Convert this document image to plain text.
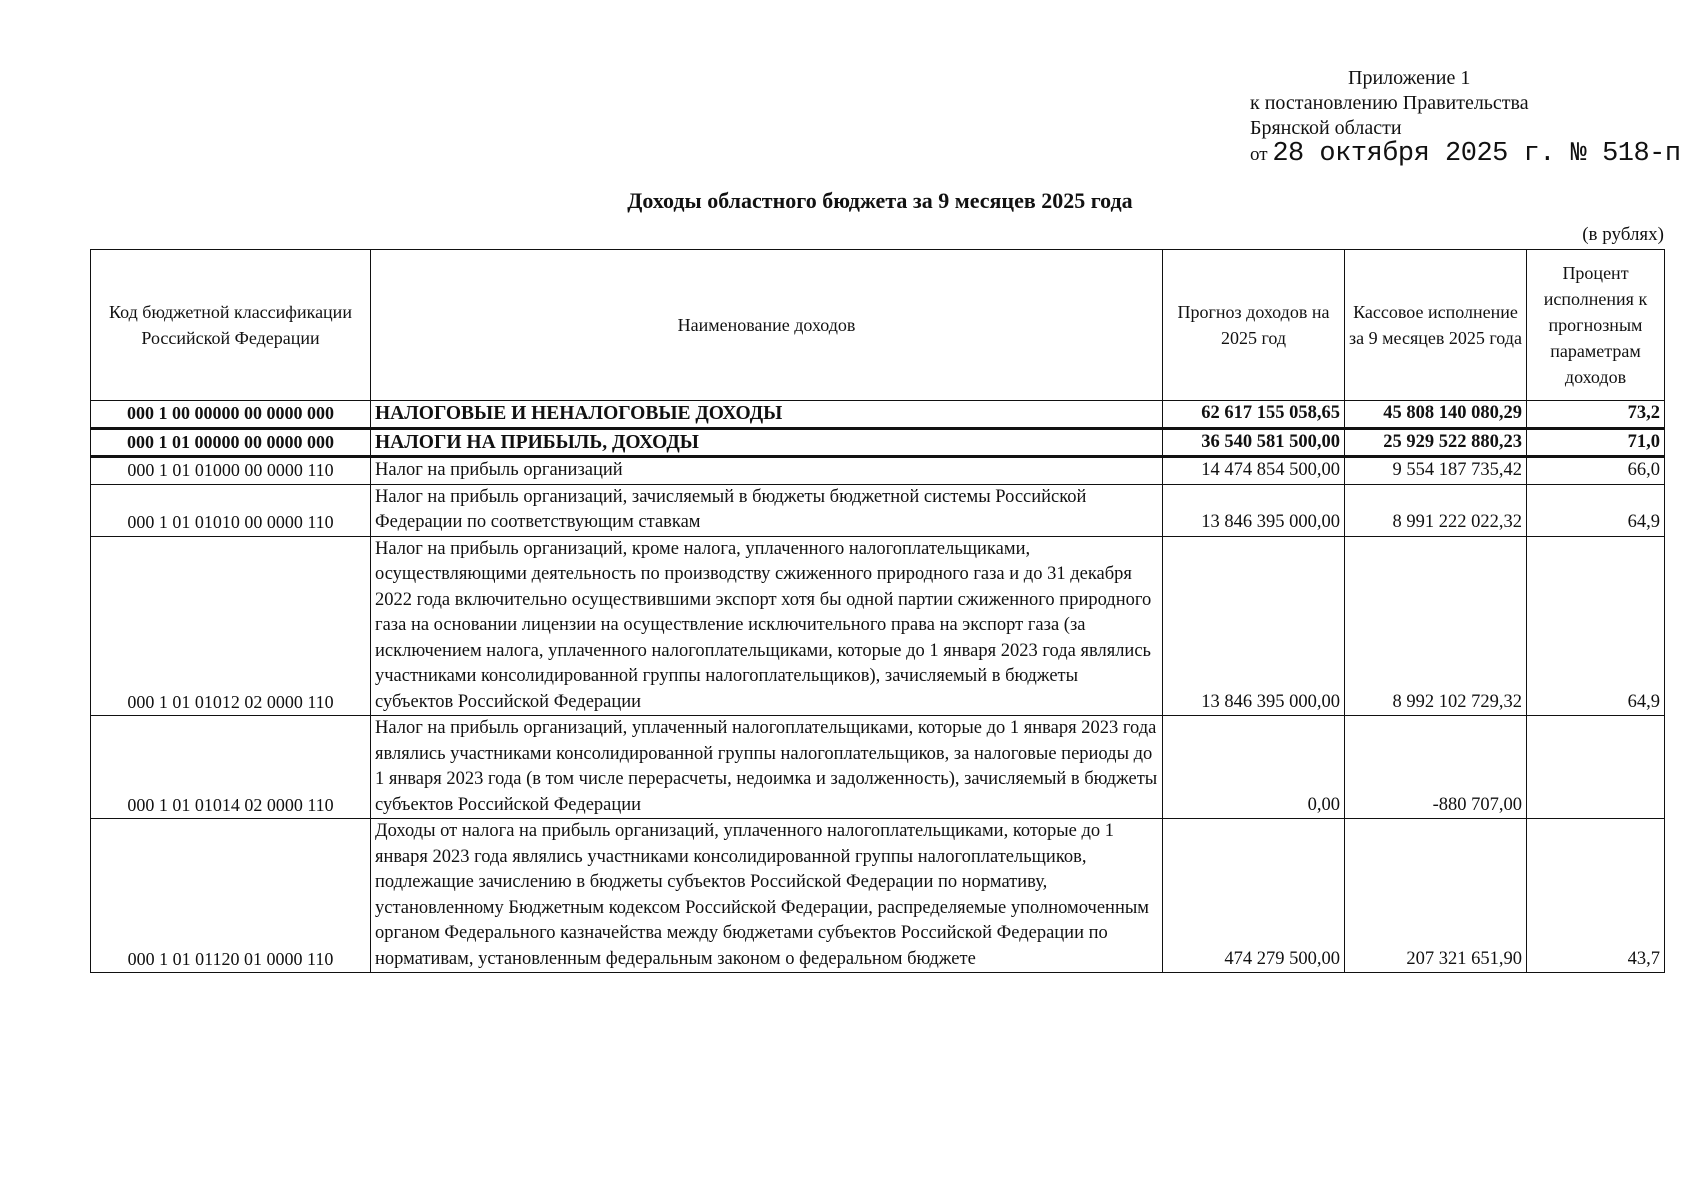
Приложение 1
к постановлению Правительства
Брянской области
от 28 октября 2025 г. № 518-п
Доходы областного бюджета за 9 месяцев 2025 года
(в рублях)
Код бюджетной классификации Российской Федерации	Наименование доходов	Прогноз доходов на 2025 год	Кассовое исполнение за 9 месяцев 2025 года	Процент исполнения к прогнозным параметрам доходов
000 1 00 00000 00 0000 000	НАЛОГОВЫЕ И НЕНАЛОГОВЫЕ ДОХОДЫ	62 617 155 058,65	45 808 140 080,29	73,2
000 1 01 00000 00 0000 000	НАЛОГИ НА ПРИБЫЛЬ, ДОХОДЫ	36 540 581 500,00	25 929 522 880,23	71,0
000 1 01 01000 00 0000 110	Налог на прибыль организаций	14 474 854 500,00	9 554 187 735,42	66,0
000 1 01 01010 00 0000 110	Налог на прибыль организаций, зачисляемый в бюджеты бюджетной системы Российской Федерации по соответствующим ставкам	13 846 395 000,00	8 991 222 022,32	64,9
000 1 01 01012 02 0000 110	Налог на прибыль организаций, кроме налога, уплаченного налогоплательщиками, осуществляющими деятельность по производству сжиженного природного газа и до 31 декабря 2022 года включительно осуществившими экспорт хотя бы одной партии сжиженного природного газа на основании лицензии на осуществление исключительного права на экспорт газа (за исключением налога, уплаченного налогоплательщиками, которые до 1 января 2023 года являлись участниками консолидированной группы налогоплательщиков), зачисляемый в бюджеты субъектов Российской Федерации	13 846 395 000,00	8 992 102 729,32	64,9
000 1 01 01014 02 0000 110	Налог на прибыль организаций, уплаченный налогоплательщиками, которые до 1 января 2023 года являлись участниками консолидированной группы налогоплательщиков, за налоговые периоды до 1 января 2023 года (в том числе перерасчеты, недоимка и задолженность), зачисляемый в бюджеты субъектов Российской Федерации	0,00	-880 707,00	
000 1 01 01120 01 0000 110	Доходы от налога на прибыль организаций, уплаченного налогоплательщиками, которые до 1 января 2023 года являлись участниками консолидированной группы налогоплательщиков, подлежащие зачислению в бюджеты субъектов Российской Федерации по нормативу, установленному Бюджетным кодексом Российской Федерации, распределяемые уполномоченным органом Федерального казначейства между бюджетами субъектов Российской Федерации по нормативам, установленным федеральным законом о федеральном бюджете	474 279 500,00	207 321 651,90	43,7
